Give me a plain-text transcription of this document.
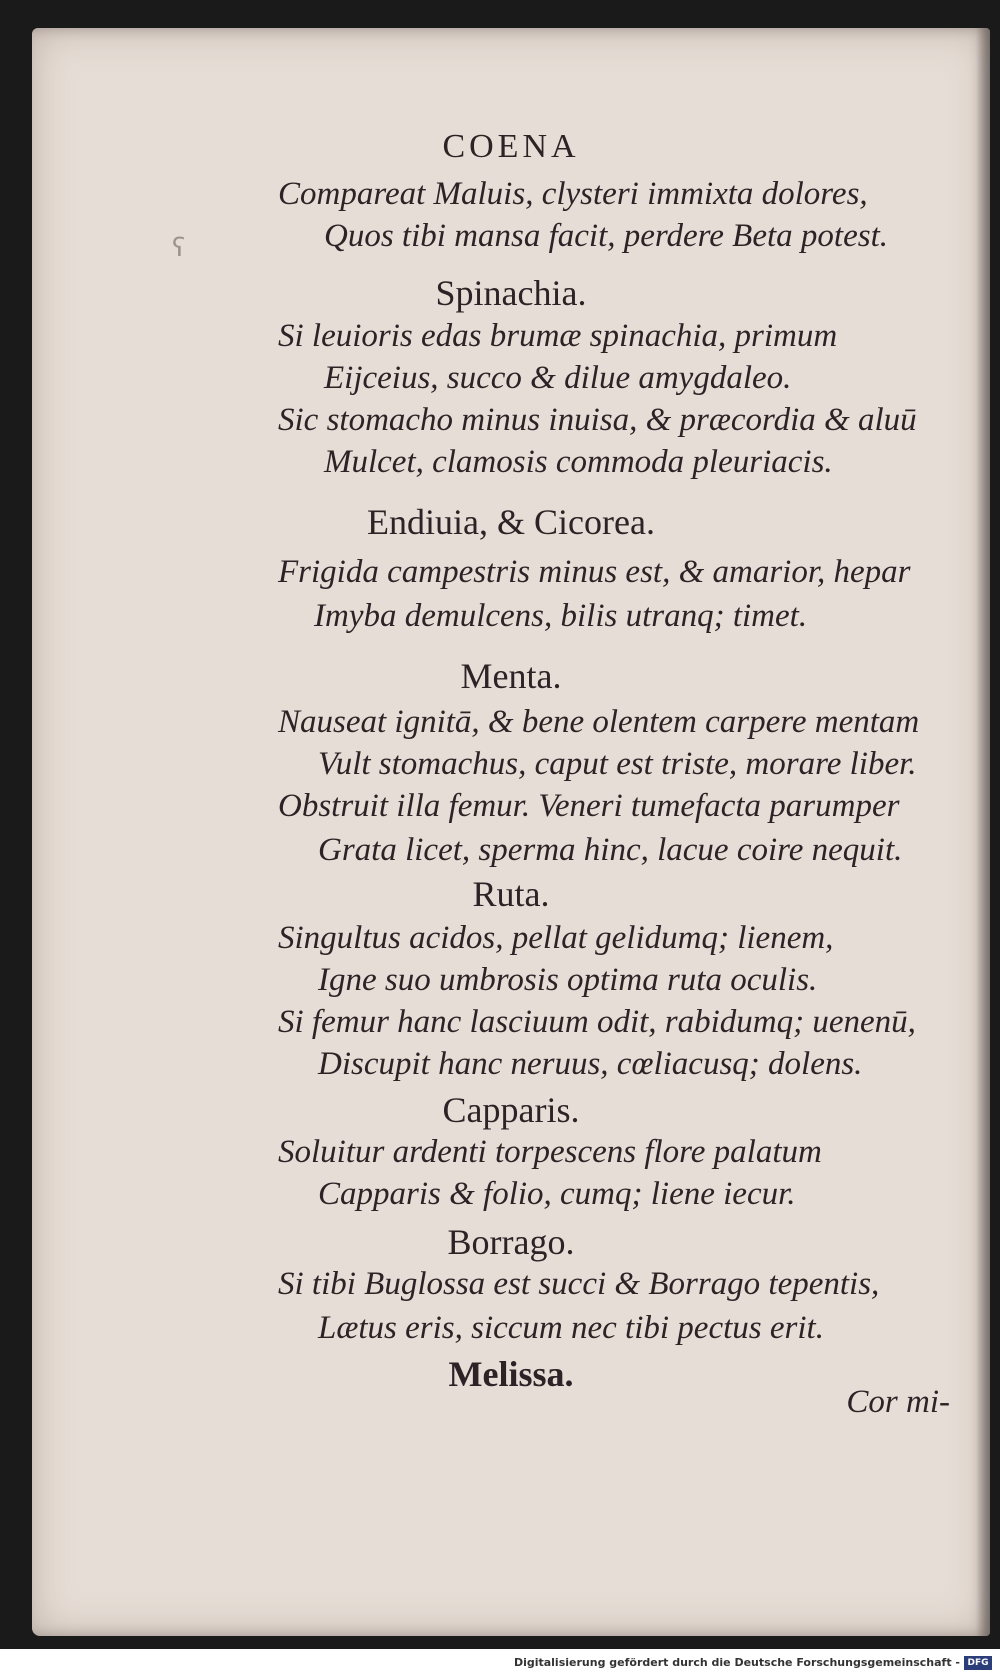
ʕ
COENA
Compareat Maluis, clysteri immixta dolores,
Quos tibi mansa facit, perdere Beta potest.
Spinachia.
Si leuioris edas brumæ spinachia, primum
Eijceius, succo & dilue amygdaleo.
Sic stomacho minus inuisa, & præcordia & aluū
Mulcet, clamosis commoda pleuriacis.
Endiuia, & Cicorea.
Frigida campestris minus est, & amarior, hepar
Imyba demulcens, bilis utranq; timet.
Menta.
Nauseat ignitā, & bene olentem carpere mentam
Vult stomachus, caput est triste, morare liber.
Obstruit illa femur. Veneri tumefacta parumper
Grata licet, sperma hinc, lacue coire nequit.
Ruta.
Singultus acidos, pellat gelidumq; lienem,
Igne suo umbrosis optima ruta oculis.
Si femur hanc lasciuum odit, rabidumq; uenenū,
Discupit hanc neruus, cœliacusq; dolens.
Capparis.
Soluitur ardenti torpescens flore palatum
Capparis & folio, cumq; liene iecur.
Borrago.
Si tibi Buglossa est succi & Borrago tepentis,
Lætus eris, siccum nec tibi pectus erit.
Melissa.
Cor mi-
Digitalisierung gefördert durch die Deutsche Forschungsgemeinschaft - DFG
